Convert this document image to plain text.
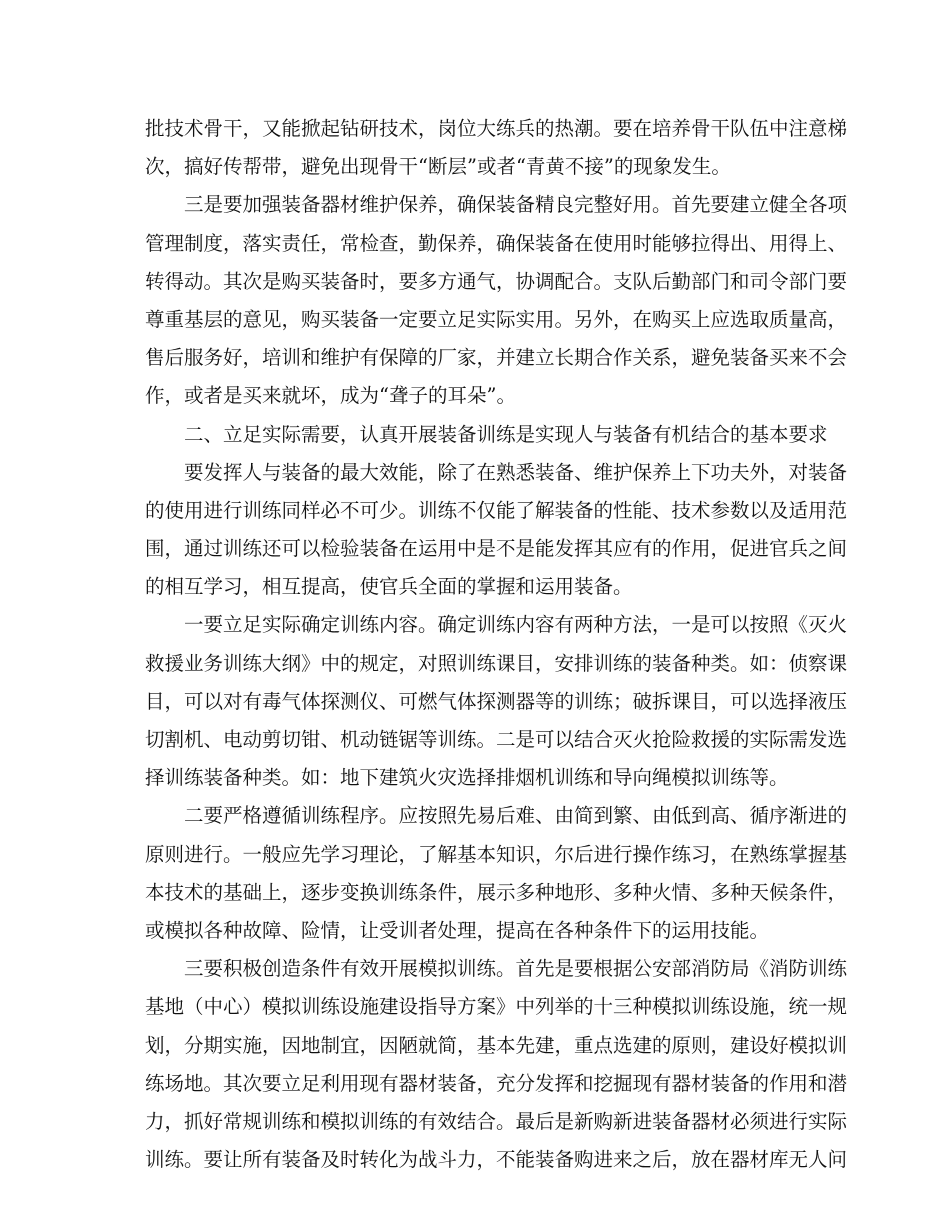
批技术骨干，又能掀起钻研技术，岗位大练兵的热潮。要在培养骨干队伍中注意梯
次，搞好传帮带，避免出现骨干“断层”或者“青黄不接”的现象发生。
三是要加强装备器材维护保养，确保装备精良完整好用。首先要建立健全各项
管理制度，落实责任，常检查，勤保养，确保装备在使用时能够拉得出、用得上、
转得动。其次是购买装备时，要多方通气，协调配合。支队后勤部门和司令部门要
尊重基层的意见，购买装备一定要立足实际实用。另外，在购买上应选取质量高，
售后服务好，培训和维护有保障的厂家，并建立长期合作关系，避免装备买来不会
作，或者是买来就坏，成为“聋子的耳朵”。
二、立足实际需要，认真开展装备训练是实现人与装备有机结合的基本要求
要发挥人与装备的最大效能，除了在熟悉装备、维护保养上下功夫外，对装备
的使用进行训练同样必不可少。训练不仅能了解装备的性能、技术参数以及适用范
围，通过训练还可以检验装备在运用中是不是能发挥其应有的作用，促进官兵之间
的相互学习，相互提高，使官兵全面的掌握和运用装备。
一要立足实际确定训练内容。确定训练内容有两种方法，一是可以按照《灭火
救援业务训练大纲》中的规定，对照训练课目，安排训练的装备种类。如：侦察课
目，可以对有毒气体探测仪、可燃气体探测器等的训练；破拆课目，可以选择液压
切割机、电动剪切钳、机动链锯等训练。二是可以结合灭火抢险救援的实际需发选
择训练装备种类。如：地下建筑火灾选择排烟机训练和导向绳模拟训练等。
二要严格遵循训练程序。应按照先易后难、由简到繁、由低到高、循序渐进的
原则进行。一般应先学习理论，了解基本知识，尔后进行操作练习，在熟练掌握基
本技术的基础上，逐步变换训练条件，展示多种地形、多种火情、多种天候条件，
或模拟各种故障、险情，让受训者处理，提高在各种条件下的运用技能。
三要积极创造条件有效开展模拟训练。首先是要根据公安部消防局《消防训练
基地（中心）模拟训练设施建设指导方案》中列举的十三种模拟训练设施，统一规
划，分期实施，因地制宜，因陋就简，基本先建，重点选建的原则，建设好模拟训
练场地。其次要立足利用现有器材装备，充分发挥和挖掘现有器材装备的作用和潜
力，抓好常规训练和模拟训练的有效结合。最后是新购新进装备器材必须进行实际
训练。要让所有装备及时转化为战斗力，不能装备购进来之后，放在器材库无人问
